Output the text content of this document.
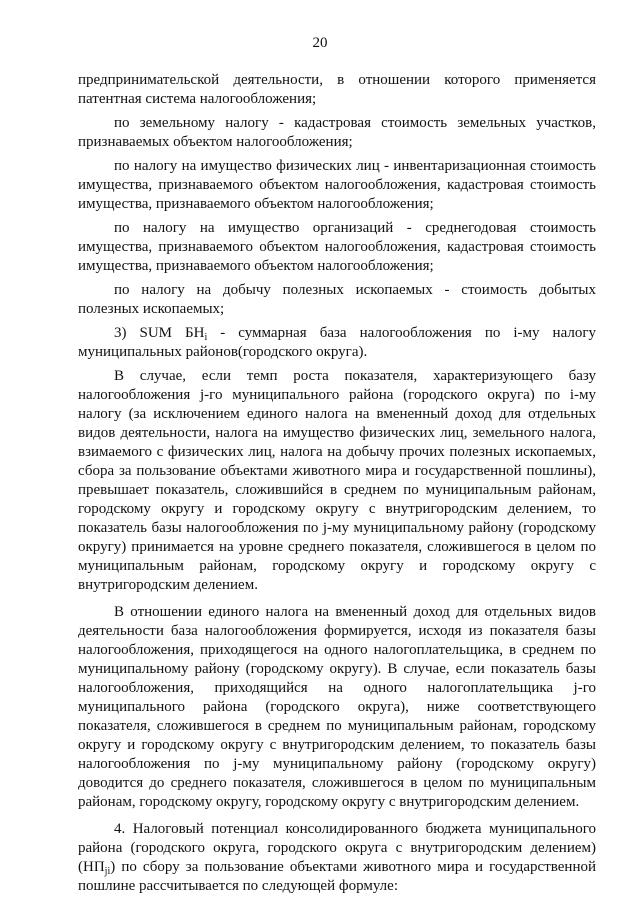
20

предпринимательской деятельности, в отношении которого применяется патентная система налогообложения;

по земельному налогу - кадастровая стоимость земельных участков, признаваемых объектом налогообложения;

по налогу на имущество физических лиц - инвентаризационная стоимость имущества, признаваемого объектом налогообложения, кадастровая стоимость имущества, признаваемого объектом налогообложения;

по налогу на имущество организаций - среднегодовая стоимость имущества, признаваемого объектом налогообложения, кадастровая стоимость имущества, признаваемого объектом налогообложения;

по налогу на добычу полезных ископаемых - стоимость добытых полезных ископаемых;

3) SUM $БН_i$ - суммарная база налогообложения по i-му налогу муниципальных районов(городского округа).

В случае, если темп роста показателя, характеризующего базу налогообложения j-го муниципального района (городского округа) по i-му налогу (за исключением единого налога на вмененный доход для отдельных видов деятельности, налога на имущество физических лиц, земельного налога, взимаемого с физических лиц, налога на добычу прочих полезных ископаемых, сбора за пользование объектами животного мира и государственной пошлины), превышает показатель, сложившийся в среднем по муниципальным районам, городскому округу и городскому округу с внутригородским делением, то показатель базы налогообложения по j-му муниципальному району (городскому округу) принимается на уровне среднего показателя, сложившегося в целом по муниципальным районам, городскому округу и городскому округу с внутригородским делением.

В отношении единого налога на вмененный доход для отдельных видов деятельности база налогообложения формируется, исходя из показателя базы налогообложения, приходящегося на одного налогоплательщика, в среднем по муниципальному району (городскому округу). В случае, если показатель базы налогообложения, приходящийся на одного налогоплательщика j-го муниципального района (городского округа), ниже соответствующего показателя, сложившегося в среднем по муниципальным районам, городскому округу и городскому округу с внутригородским делением, то показатель базы налогообложения по j-му муниципальному району (городскому округу) доводится до среднего показателя, сложившегося в целом по муниципальным районам, городскому округу, городскому округу с внутригородским делением.

4. Налоговый потенциал консолидированного бюджета муниципального района (городского округа, городского округа с внутригородским делением) $(НП_{ji})$ по сбору за пользование объектами животного мира и государственной пошлине рассчитывается по следующей формуле:
